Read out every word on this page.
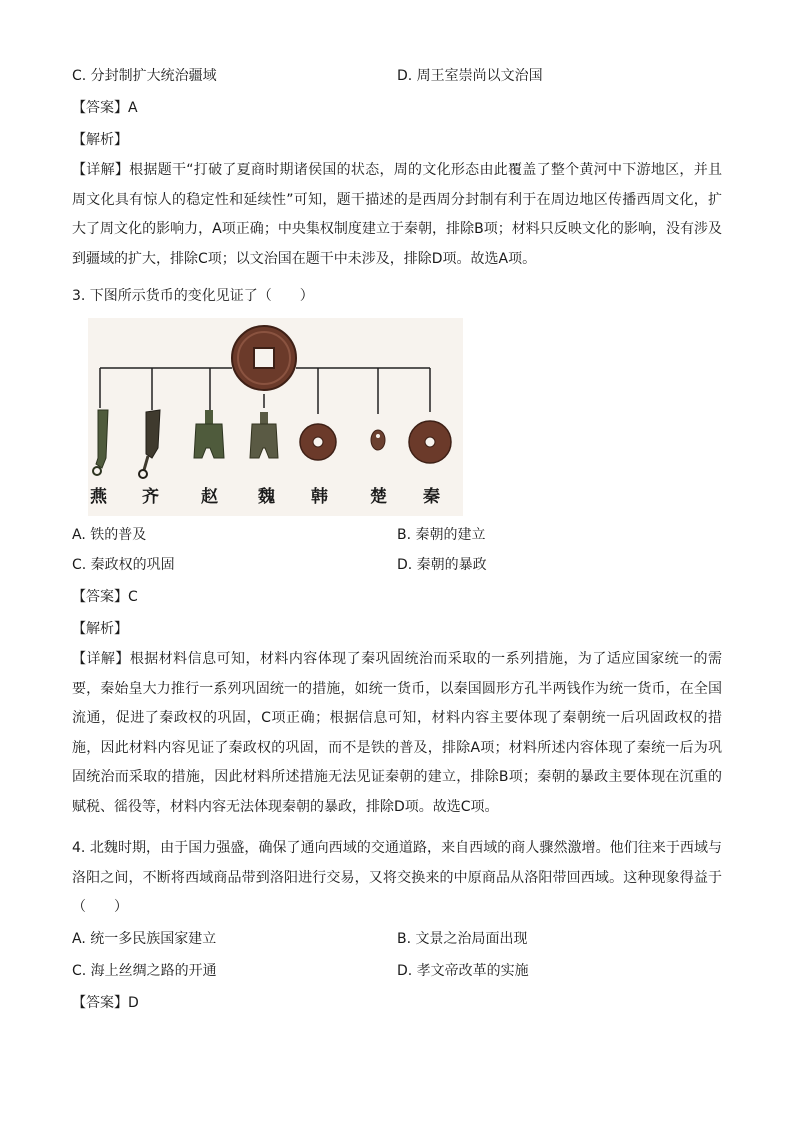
C. 分封制扩大统治疆域	D. 周王室崇尚以文治国
【答案】A
【解析】
【详解】根据题干“打破了夏商时期诸侯国的状态，周的文化形态由此覆盖了整个黄河中下游地区，并且周文化具有惊人的稳定性和延续性”可知，题干描述的是西周分封制有利于在周边地区传播西周文化，扩大了周文化的影响力，A项正确；中央集权制度建立于秦朝，排除B项；材料只反映文化的影响，没有涉及到疆域的扩大，排除C项；以文治国在题干中未涉及，排除D项。故选A项。
3. 下图所示货币的变化见证了（　　）
燕 齐 赵 魏 韩 楚 秦
A. 铁的普及	B. 秦朝的建立
C. 秦政权的巩固	D. 秦朝的暴政
【答案】C
【解析】
【详解】根据材料信息可知，材料内容体现了秦巩固统治而采取的一系列措施，为了适应国家统一的需要，秦始皇大力推行一系列巩固统一的措施，如统一货币，以秦国圆形方孔半两钱作为统一货币，在全国流通，促进了秦政权的巩固，C项正确；根据信息可知，材料内容主要体现了秦朝统一后巩固政权的措施，因此材料内容见证了秦政权的巩固，而不是铁的普及，排除A项；材料所述内容体现了秦统一后为巩固统治而采取的措施，因此材料所述措施无法见证秦朝的建立，排除B项；秦朝的暴政主要体现在沉重的赋税、徭役等，材料内容无法体现秦朝的暴政，排除D项。故选C项。
4. 北魏时期，由于国力强盛，确保了通向西域的交通道路，来自西域的商人骤然激增。他们往来于西域与洛阳之间，不断将西域商品带到洛阳进行交易，又将交换来的中原商品从洛阳带回西域。这种现象得益于（　　）
A. 统一多民族国家建立	B. 文景之治局面出现
C. 海上丝绸之路的开通	D. 孝文帝改革的实施
【答案】D
